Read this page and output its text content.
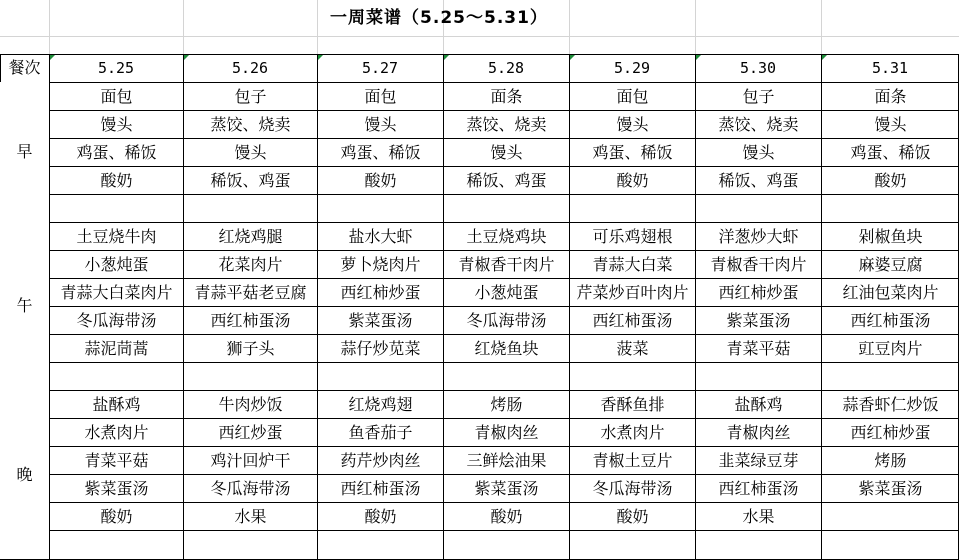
一周菜谱（5.25～5.31）
餐次	5.25	5.26	5.27	5.28	5.29	5.30	5.31
早
面包	包子	面包	面条	面包	包子	面条
馒头	蒸饺、烧卖	馒头	蒸饺、烧卖	馒头	蒸饺、烧卖	馒头
鸡蛋、稀饭	馒头	鸡蛋、稀饭	馒头	鸡蛋、稀饭	馒头	鸡蛋、稀饭
酸奶	稀饭、鸡蛋	酸奶	稀饭、鸡蛋	酸奶	稀饭、鸡蛋	酸奶
午
土豆烧牛肉	红烧鸡腿	盐水大虾	土豆烧鸡块	可乐鸡翅根	洋葱炒大虾	剁椒鱼块
小葱炖蛋	花菜肉片	萝卜烧肉片	青椒香干肉片	青蒜大白菜	青椒香干肉片	麻婆豆腐
青蒜大白菜肉片	青蒜平菇老豆腐	西红柿炒蛋	小葱炖蛋	芹菜炒百叶肉片	西红柿炒蛋	红油包菜肉片
冬瓜海带汤	西红柿蛋汤	紫菜蛋汤	冬瓜海带汤	西红柿蛋汤	紫菜蛋汤	西红柿蛋汤
蒜泥茼蒿	狮子头	蒜仔炒苋菜	红烧鱼块	菠菜	青菜平菇	豇豆肉片
晚
盐酥鸡	牛肉炒饭	红烧鸡翅	烤肠	香酥鱼排	盐酥鸡	蒜香虾仁炒饭
水煮肉片	西红炒蛋	鱼香茄子	青椒肉丝	水煮肉片	青椒肉丝	西红柿炒蛋
青菜平菇	鸡汁回炉干	药芹炒肉丝	三鲜烩油果	青椒土豆片	韭菜绿豆芽	烤肠
紫菜蛋汤	冬瓜海带汤	西红柿蛋汤	紫菜蛋汤	冬瓜海带汤	西红柿蛋汤	紫菜蛋汤
酸奶	水果	酸奶	酸奶	酸奶	水果
